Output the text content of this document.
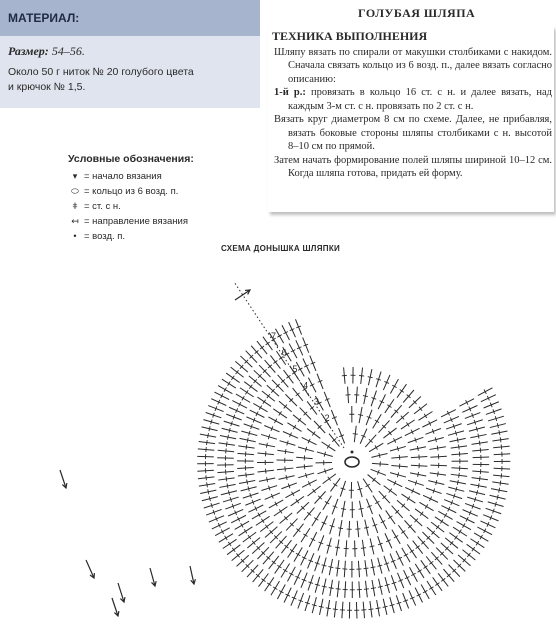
2
3
4
5
6
7
МАТЕРИАЛ:
Размер: 54–56.
Около 50 г ниток № 20 голубого цвета
и крючок № 1,5.
ГОЛУБАЯ ШЛЯПА
ТЕХНИКА ВЫПОЛНЕНИЯ

Шляпу вязать по спирали от макушки столбиками с накидом. Сначала связать кольцо из 6 возд. п., далее вязать согласно описанию:

1-й р.: провязать в кольцо 16 ст. с н. и далее вязать, над каждым 3-м ст. с н. провязать по 2 ст. с н.

Вязать круг диаметром 8 см по схеме. Далее, не прибавляя, вязать боковые стороны шляпы столбиками с н. высотой 8–10 см по прямой.

Затем начать формирование полей шляпы шириной 10–12 см. Когда шляпа готова, придать ей форму.

Условные обозначения:
▾ = начало вязания
⬭ = кольцо из 6 возд. п.
ǂ = ст. с н.
↤ = направление вязания
• = возд. п.
СХЕМА ДОНЫШКА ШЛЯПКИ
